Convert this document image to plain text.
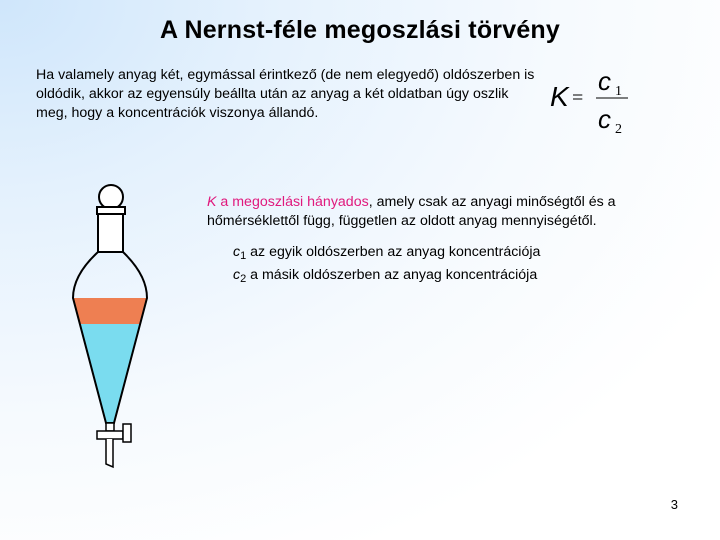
A Nernst-féle megoszlási törvény
Ha valamely anyag két, egymással érintkező (de nem elegyedő) oldószerben is oldódik, akkor az egyensúly beállta után az anyag a két oldatban úgy oszlik meg, hogy a koncentrációk viszonya állandó.
K =
c 1
c 2
K a megoszlási hányados, amely csak az anyagi minőségtől és a hőmérséklettől függ, független az oldott anyag mennyiségétől.
$c_1$ az egyik oldószerben az anyag koncentrációja
$c_2$ a másik oldószerben az anyag koncentrációja
3
